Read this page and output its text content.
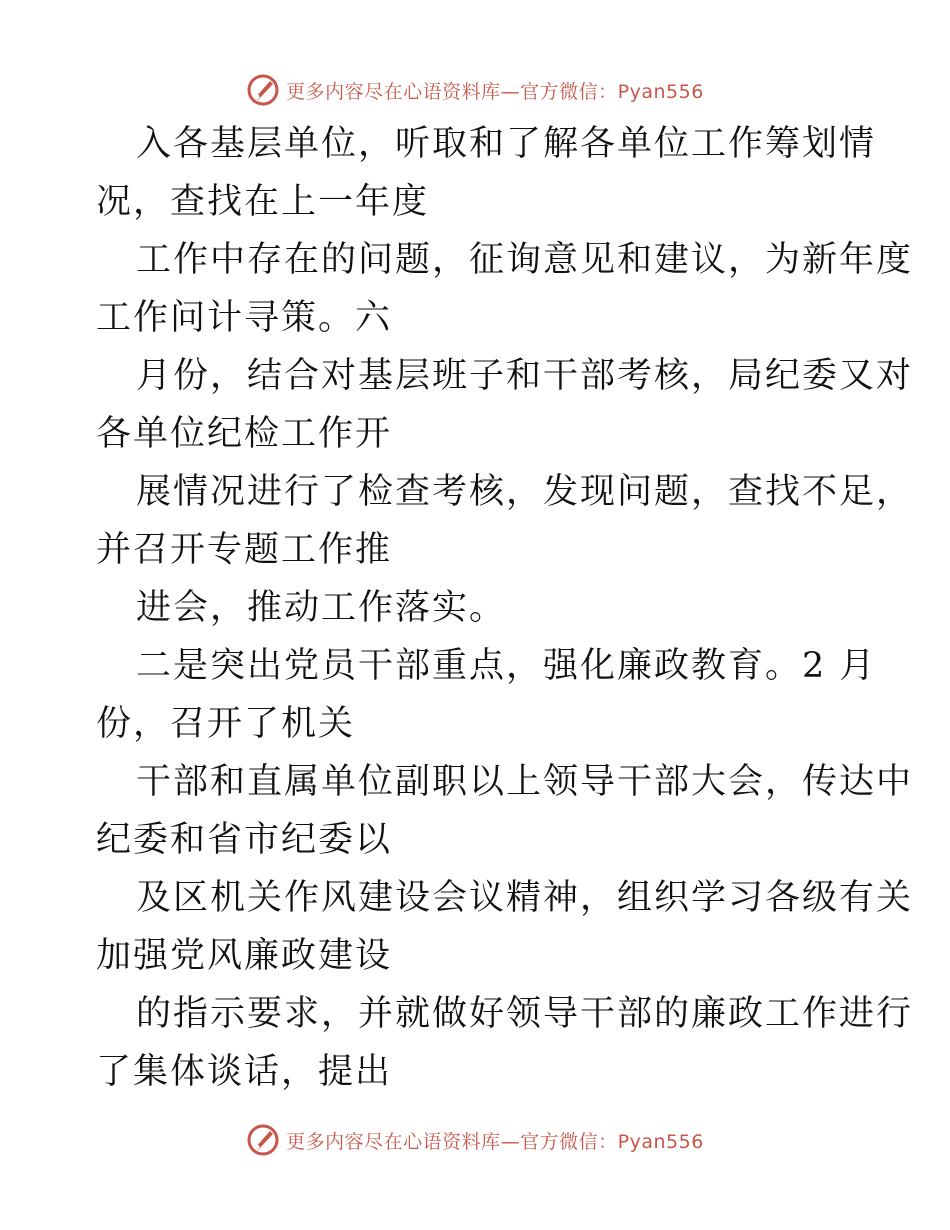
更多内容尽在心语资料库—官方微信：Pyan556

入各基层单位，听取和了解各单位工作筹划情

况，查找在上一年度

工作中存在的问题，征询意见和建议，为新年度

工作问计寻策。六

月份，结合对基层班子和干部考核，局纪委又对

各单位纪检工作开

展情况进行了检查考核，发现问题，查找不足，

并召开专题工作推

进会，推动工作落实。

二是突出党员干部重点，强化廉政教育。2 月

份，召开了机关

干部和直属单位副职以上领导干部大会，传达中

纪委和省市纪委以

及区机关作风建设会议精神，组织学习各级有关

加强党风廉政建设

的指示要求，并就做好领导干部的廉政工作进行

了集体谈话，提出

更多内容尽在心语资料库—官方微信：Pyan556
